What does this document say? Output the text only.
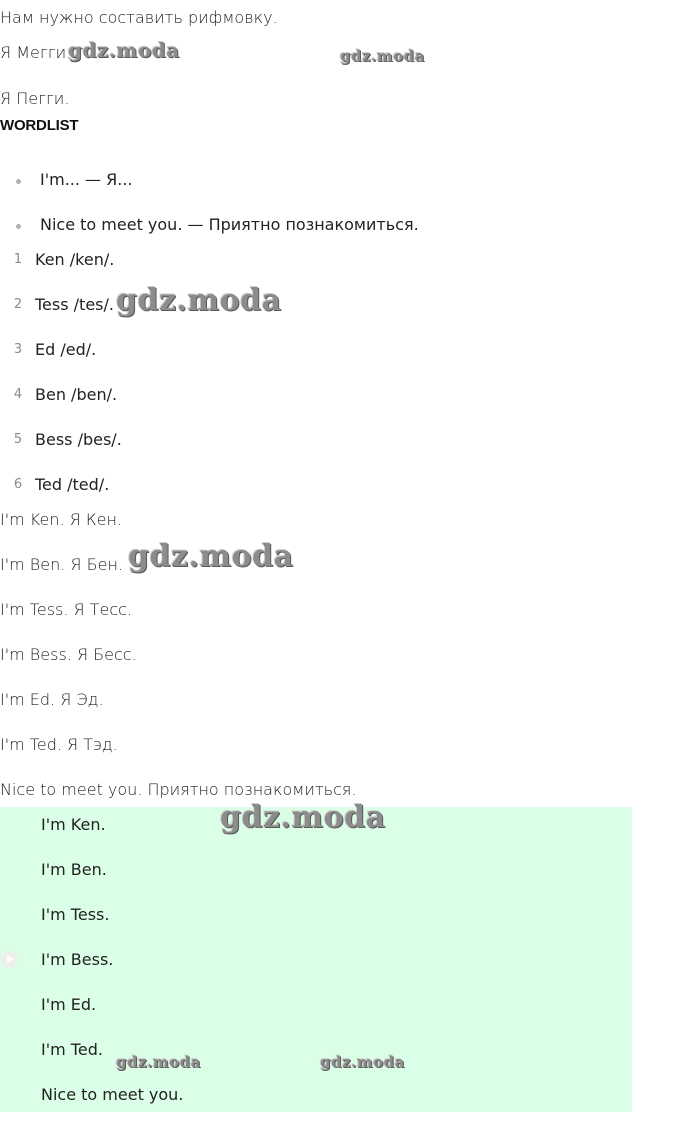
Нам нужно составить рифмовку.
Я Мегги.
Я Пегги.
WORDLIST
I'm... — Я...
Nice to meet you. — Приятно познакомиться.
1 Ken /ken/.
2 Tess /tes/.
3 Ed /ed/.
4 Ben /ben/.
5 Bess /bes/.
6 Ted /ted/.
I'm Ken. Я Кен.
I'm Ben. Я Бен.
I'm Tess. Я Тесс.
I'm Bess. Я Бесс.
I'm Ed. Я Эд.
I'm Ted. Я Тэд.
Nice to meet you. Приятно познакомиться.
I'm Ken.
I'm Ben.
I'm Tess.
I'm Bess.
I'm Ed.
I'm Ted.
Nice to meet you.
gdz.moda	gdz.moda
gdz.moda
gdz.moda
gdz.moda
gdz.moda	gdz.moda
